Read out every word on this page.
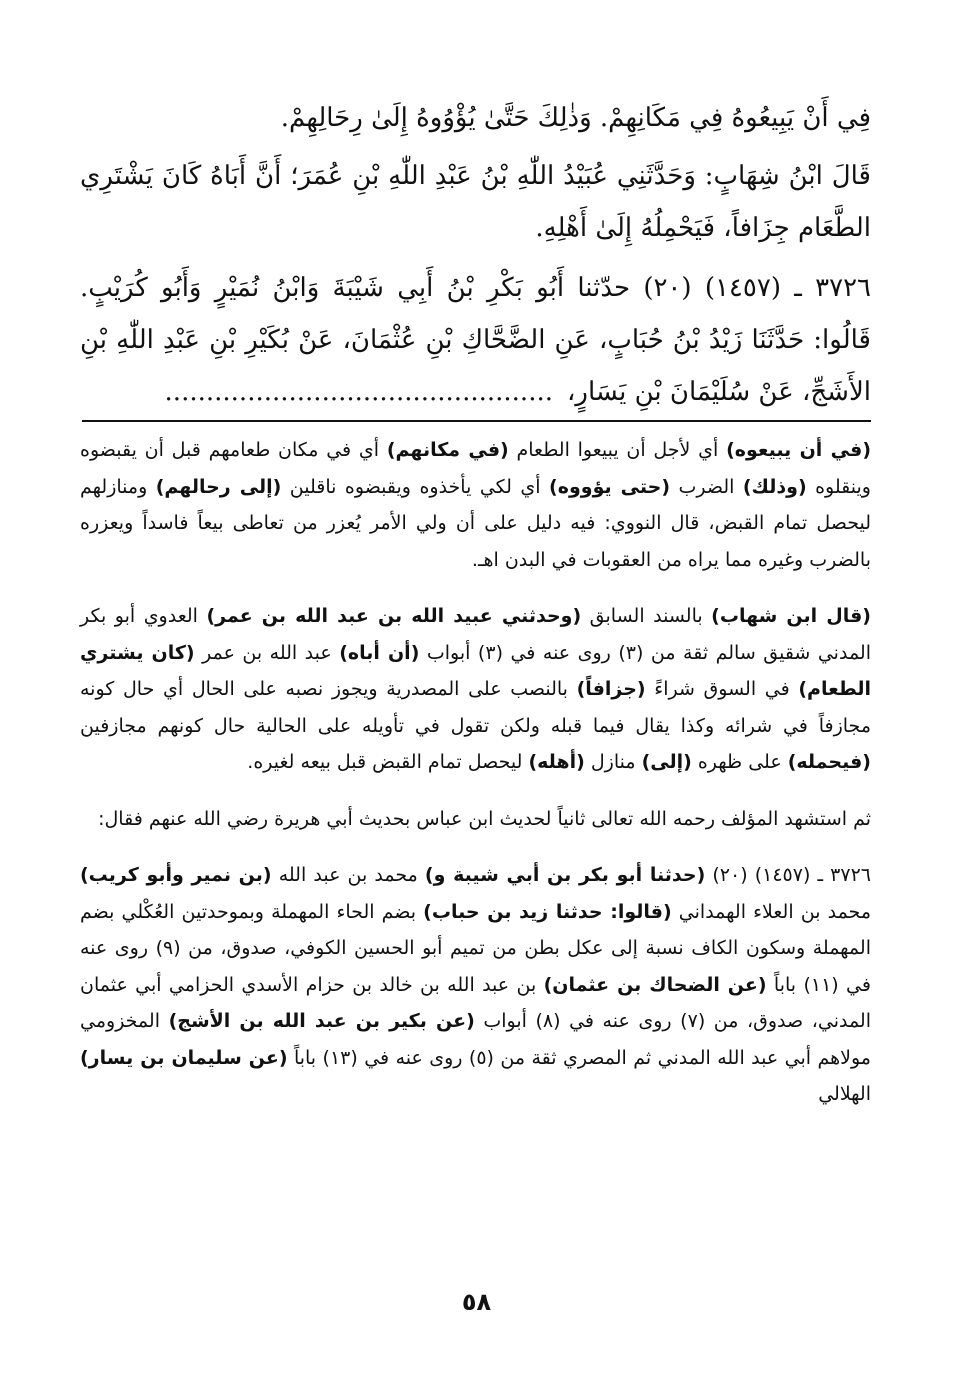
فِي أَنْ يَبِيعُوهُ فِي مَكَانِهِمْ. وَذٰلِكَ حَتَّىٰ يُؤْوُوهُ إِلَىٰ رِحَالِهِمْ.

قَالَ ابْنُ شِهَابٍ: وَحَدَّثَنِي عُبَيْدُ اللّٰهِ بْنُ عَبْدِ اللّٰهِ بْنِ عُمَرَ؛ أَنَّ أَبَاهُ كَانَ يَشْتَرِي الطَّعَام جِزَافاً، فَيَحْمِلُهُ إِلَىٰ أَهْلِهِ.

٣٧٢٦ ـ (١٤٥٧) (٢٠) حدّثنا أَبُو بَكْرِ بْنُ أَبِي شَيْبَةَ وَابْنُ نُمَيْرٍ وَأَبُو كُرَيْبٍ. قَالُوا: حَدَّثَنَا زَيْدُ بْنُ حُبَابٍ، عَنِ الضَّحَّاكِ بْنِ عُثْمَانَ، عَنْ بُكَيْرِ بْنِ عَبْدِ اللّٰهِ بْنِ الأَشَجِّ، عَنْ سُلَيْمَانَ بْنِ يَسَارٍ،...............................................

(في أن يبيعوه) أي لأجل أن يبيعوا الطعام (في مكانهم) أي في مكان طعامهم قبل أن يقبضوه وينقلوه (وذلك) الضرب (حتى يؤووه) أي لكي يأخذوه ويقبضوه ناقلين (إلى رحالهم) ومنازلهم ليحصل تمام القبض، قال النووي: فيه دليل على أن ولي الأمر يُعزر من تعاطى بيعاً فاسداً ويعزره بالضرب وغيره مما يراه من العقوبات في البدن اهـ.

(قال ابن شهاب) بالسند السابق (وحدثني عبيد الله بن عبد الله بن عمر) العدوي أبو بكر المدني شقيق سالم ثقة من (٣) روى عنه في (٣) أبواب (أن أباه) عبد الله بن عمر (كان يشتري الطعام) في السوق شراءً (جزافاً) بالنصب على المصدرية ويجوز نصبه على الحال أي حال كونه مجازفاً في شرائه وكذا يقال فيما قبله ولكن تقول في تأويله على الحالية حال كونهم مجازفين (فيحمله) على ظهره (إلى) منازل (أهله) ليحصل تمام القبض قبل بيعه لغيره.

ثم استشهد المؤلف رحمه الله تعالى ثانياً لحديث ابن عباس بحديث أبي هريرة رضي الله عنهم فقال:

٣٧٢٦ ـ (١٤٥٧) (٢٠) (حدثنا أبو بكر بن أبي شيبة و) محمد بن عبد الله (بن نمير وأبو كريب) محمد بن العلاء الهمداني (قالوا: حدثنا زيد بن حباب) بضم الحاء المهملة وبموحدتين العُكْلي بضم المهملة وسكون الكاف نسبة إلى عكل بطن من تميم أبو الحسين الكوفي، صدوق، من (٩) روى عنه في (١١) باباً (عن الضحاك بن عثمان) بن عبد الله بن خالد بن حزام الأسدي الحزامي أبي عثمان المدني، صدوق، من (٧) روى عنه في (٨) أبواب (عن بكير بن عبد الله بن الأشج) المخزومي مولاهم أبي عبد الله المدني ثم المصري ثقة من (٥) روى عنه في (١٣) باباً (عن سليمان بن يسار) الهلالي

٥٨
